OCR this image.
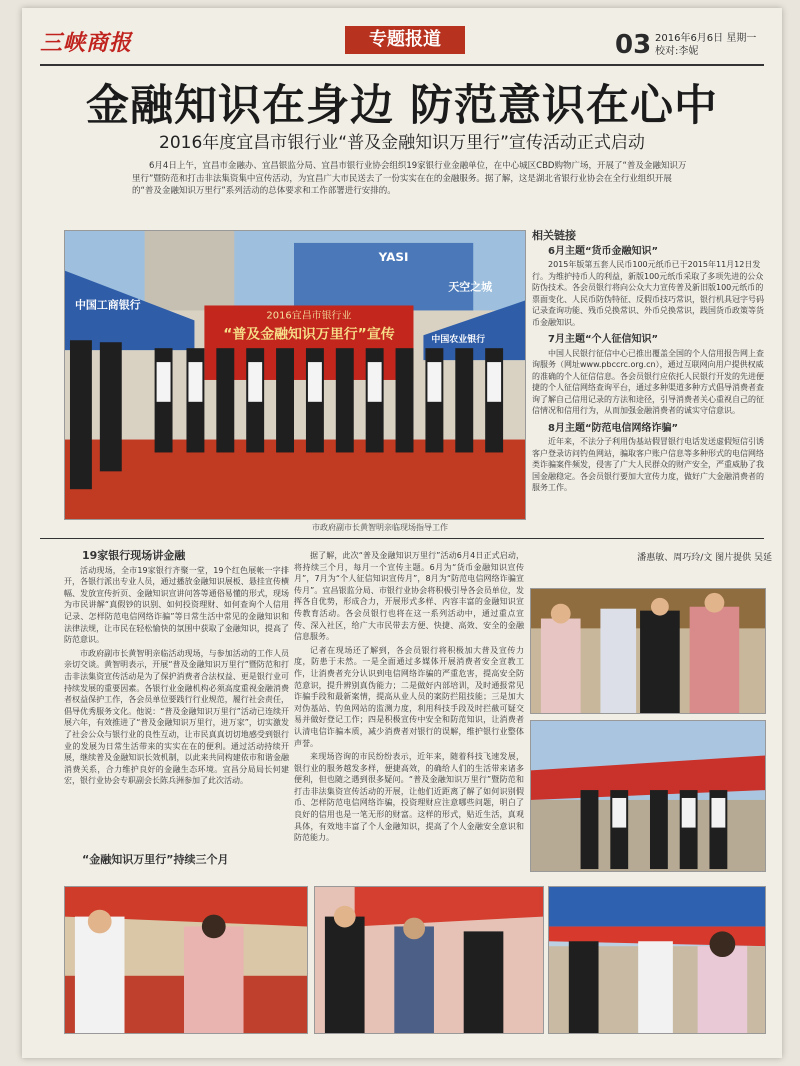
三峡商报	专题报道	03 2016年6月6日 星期一
校对:李妮
金融知识在身边 防范意识在心中
2016年度宜昌市银行业“普及金融知识万里行”宣传活动正式启动
6月4日上午，宜昌市金融办、宜昌银监分局、宜昌市银行业协会组织19家银行业金融单位，在中心城区CBD购物广场，开展了“普及金融知识万里行”暨防范和打击非法集资集中宣传活动，为宜昌广大市民送去了一份实实在在的金融服务。据了解，这是湖北省银行业协会在全行业组织开展的“普及金融知识万里行”系列活动的总体要求和工作部署进行安排的。
2016宜昌市银行业
“普及金融知识万里行”宣传
中国工商银行
中国农业银行
YASI
天空之城
市政府副市长黄智明亲临现场指导工作
相关链接
6月主题“货币金融知识”
2015年版第五套人民币100元纸币已于2015年11月12日发行。为维护持币人的利益，新版100元纸币采取了多项先进的公众防伪技术。各会员银行将向公众大力宣传普及新旧版100元纸币的票面变化、人民币防伪特征、反假币技巧常识，银行机具冠字号码记录查询功能、残币兑换常识、外币兑换常识，践国货币政策等货币金融知识。
7月主题“个人征信知识”
中国人民银行征信中心已推出覆盖全国的个人信用报告网上查询服务（网址www.pbccrc.org.cn），通过互联网向用户提供权威的准确的个人征信信息。各会员银行应依托人民银行开发的先进便捷的个人征信网络查询平台，通过多种渠道多种方式倡导消费者查询了解自己信用记录的方法和途径，引导消费者关心重视自己的征信情况和信用行为，从而加强金融消费者的诚实守信意识。
8月主题“防范电信网络诈骗”
近年来，不法分子利用伪基站假冒银行电话发送虚假短信引诱客户登录访问钓鱼网站，骗取客户账户信息等多种形式的电信网络类诈骗案件频发，侵害了广大人民群众的财产安全，严重威胁了我国金融稳定。各会员银行要加大宣传力度，做好广大金融消费者的服务工作。
潘惠敏、周巧玲/文 图片提供 吴延
19家银行现场讲金融

活动现场，全市19家银行齐聚一堂，19个红色展帐一字排开，各银行派出专业人员，通过播放金融知识展板、悬挂宣传横幅、发放宣传折页、金融知识宣讲问答等通俗易懂的形式，现场为市民讲解“真假钞的识别、如何投资理财、如何查询个人信用记录、怎样防范电信网络诈骗”等日常生活中常见的金融知识和法律法规，让市民在轻松愉快的氛围中获取了金融知识，提高了防范意识。

市政府副市长黄智明亲临活动现场，与参加活动的工作人员亲切交谈。黄智明表示，开展“普及金融知识万里行”暨防范和打击非法集资宣传活动是为了保护消费者合法权益、更是银行业可持续发展的重要因素。各银行业金融机构必须高度重视金融消费者权益保护工作，各会员单位要践行行业规范，履行社会责任，倡导优秀服务文化。他说：“普及金融知识万里行”活动已连续开展六年，有效推进了“普及金融知识万里行，进万家”，切实激发了社会公众与银行业的良性互动，让市民真真切切地感受到银行业的发展为日常生活带来的实实在在的便利。通过活动持续开展，继续普及金融知识长效机制，以此来共同构建依市和谐金融消费关系，合力维护良好的金融生态环境。宜昌分局局长何建宏，银行业协会专职副会长陈兵洲参加了此次活动。

“金融知识万里行”持续三个月

据了解，此次“普及金融知识万里行”活动6月4日正式启动，将持续三个月，每月一个宣传主题。6月为“货币金融知识宣传月”，7月为“个人征信知识宣传月”，8月为“防范电信网络诈骗宣传月”。宜昌银监分局、市银行业协会将积极引导各会员单位，发挥各自优势，形成合力，开展形式多样、内容丰富的金融知识宣传教育活动。各会员银行也将在这一系列活动中，通过重点宣传、深入社区，给广大市民带去方便、快捷、高效、安全的金融信息服务。

记者在现场还了解到，各会员银行将积极加大普及宣传力度，防患于未然。一是全面通过多媒体开展消费者安全宣教工作，让消费者充分认识到电信网络诈骗的严重危害，提高安全防范意识，提升辨别真伪能力；二是做好内部培训，及时通报常见诈骗手段和最新案情，提高从业人员的案防拦阻技能；三是加大对伪基站、钓鱼网站的监测力度，利用科技手段及时拦截可疑交易并做好登记工作；四是积极宣传中安全和防范知识，让消费者认清电信诈骗本质，减少消费者对银行的误解，维护银行业整体声誉。

来现场咨询的市民纷纷表示，近年来，随着科技飞速发展，银行业的服务越发多样，便捷高效，的确给人们的生活带来诸多便利，但也随之遇到很多疑问。“普及金融知识万里行”暨防范和打击非法集资宣传活动的开展，让他们近距离了解了如何识别假币、怎样防范电信网络诈骗，投资理财应注意哪些问题，明白了良好的信用也是一笔无形的财富。这样的形式，贴近生活，真观具体，有效地丰富了个人金融知识，提高了个人金融安全意识和防范能力。
